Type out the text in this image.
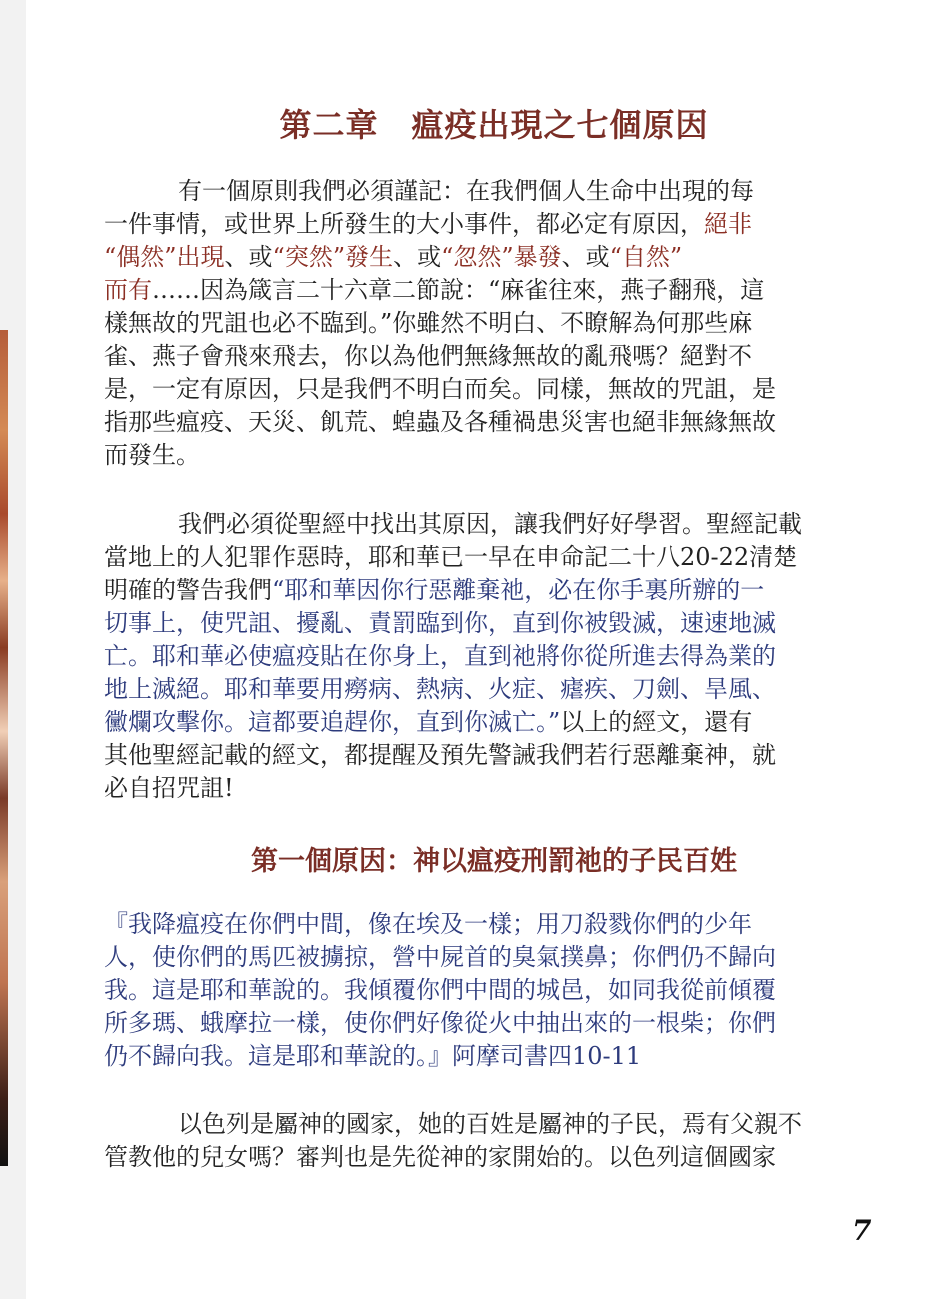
第二章　瘟疫出現之七個原因
有一個原則我們必須謹記：在我們個人生命中出現的每
一件事情，或世界上所發生的大小事件，都必定有原因，絕非
“偶然”出現、或“突然”發生、或“忽然”暴發、或“自然”
而有……因為箴言二十六章二節說：“麻雀往來，燕子翻飛，這
樣無故的咒詛也必不臨到。”你雖然不明白、不瞭解為何那些麻
雀、燕子會飛來飛去，你以為他們無緣無故的亂飛嗎？絕對不
是，一定有原因，只是我們不明白而矣。同樣，無故的咒詛，是
指那些瘟疫、天災、飢荒、蝗蟲及各種禍患災害也絕非無緣無故
而發生。
我們必須從聖經中找出其原因，讓我們好好學習。聖經記載
當地上的人犯罪作惡時，耶和華已一早在申命記二十八20-22清楚
明確的警告我們“耶和華因你行惡離棄祂，必在你手裏所辦的一
切事上，使咒詛、擾亂、責罰臨到你，直到你被毀滅，速速地滅
亡。耶和華必使瘟疫貼在你身上，直到祂將你從所進去得為業的
地上滅絕。耶和華要用癆病、熱病、火症、瘧疾、刀劍、旱風、
黴爛攻擊你。這都要追趕你，直到你滅亡。”以上的經文，還有
其他聖經記載的經文，都提醒及預先警誡我們若行惡離棄神，就
必自招咒詛!
第一個原因：神以瘟疫刑罰祂的子民百姓
『我降瘟疫在你們中間，像在埃及一樣；用刀殺戮你們的少年
人，使你們的馬匹被擄掠，營中屍首的臭氣撲鼻；你們仍不歸向
我。這是耶和華說的。我傾覆你們中間的城邑，如同我從前傾覆
所多瑪、蛾摩拉一樣，使你們好像從火中抽出來的一根柴；你們
仍不歸向我。這是耶和華說的。』阿摩司書四10-11
以色列是屬神的國家，她的百姓是屬神的子民，焉有父親不
管教他的兒女嗎？審判也是先從神的家開始的。以色列這個國家
7
